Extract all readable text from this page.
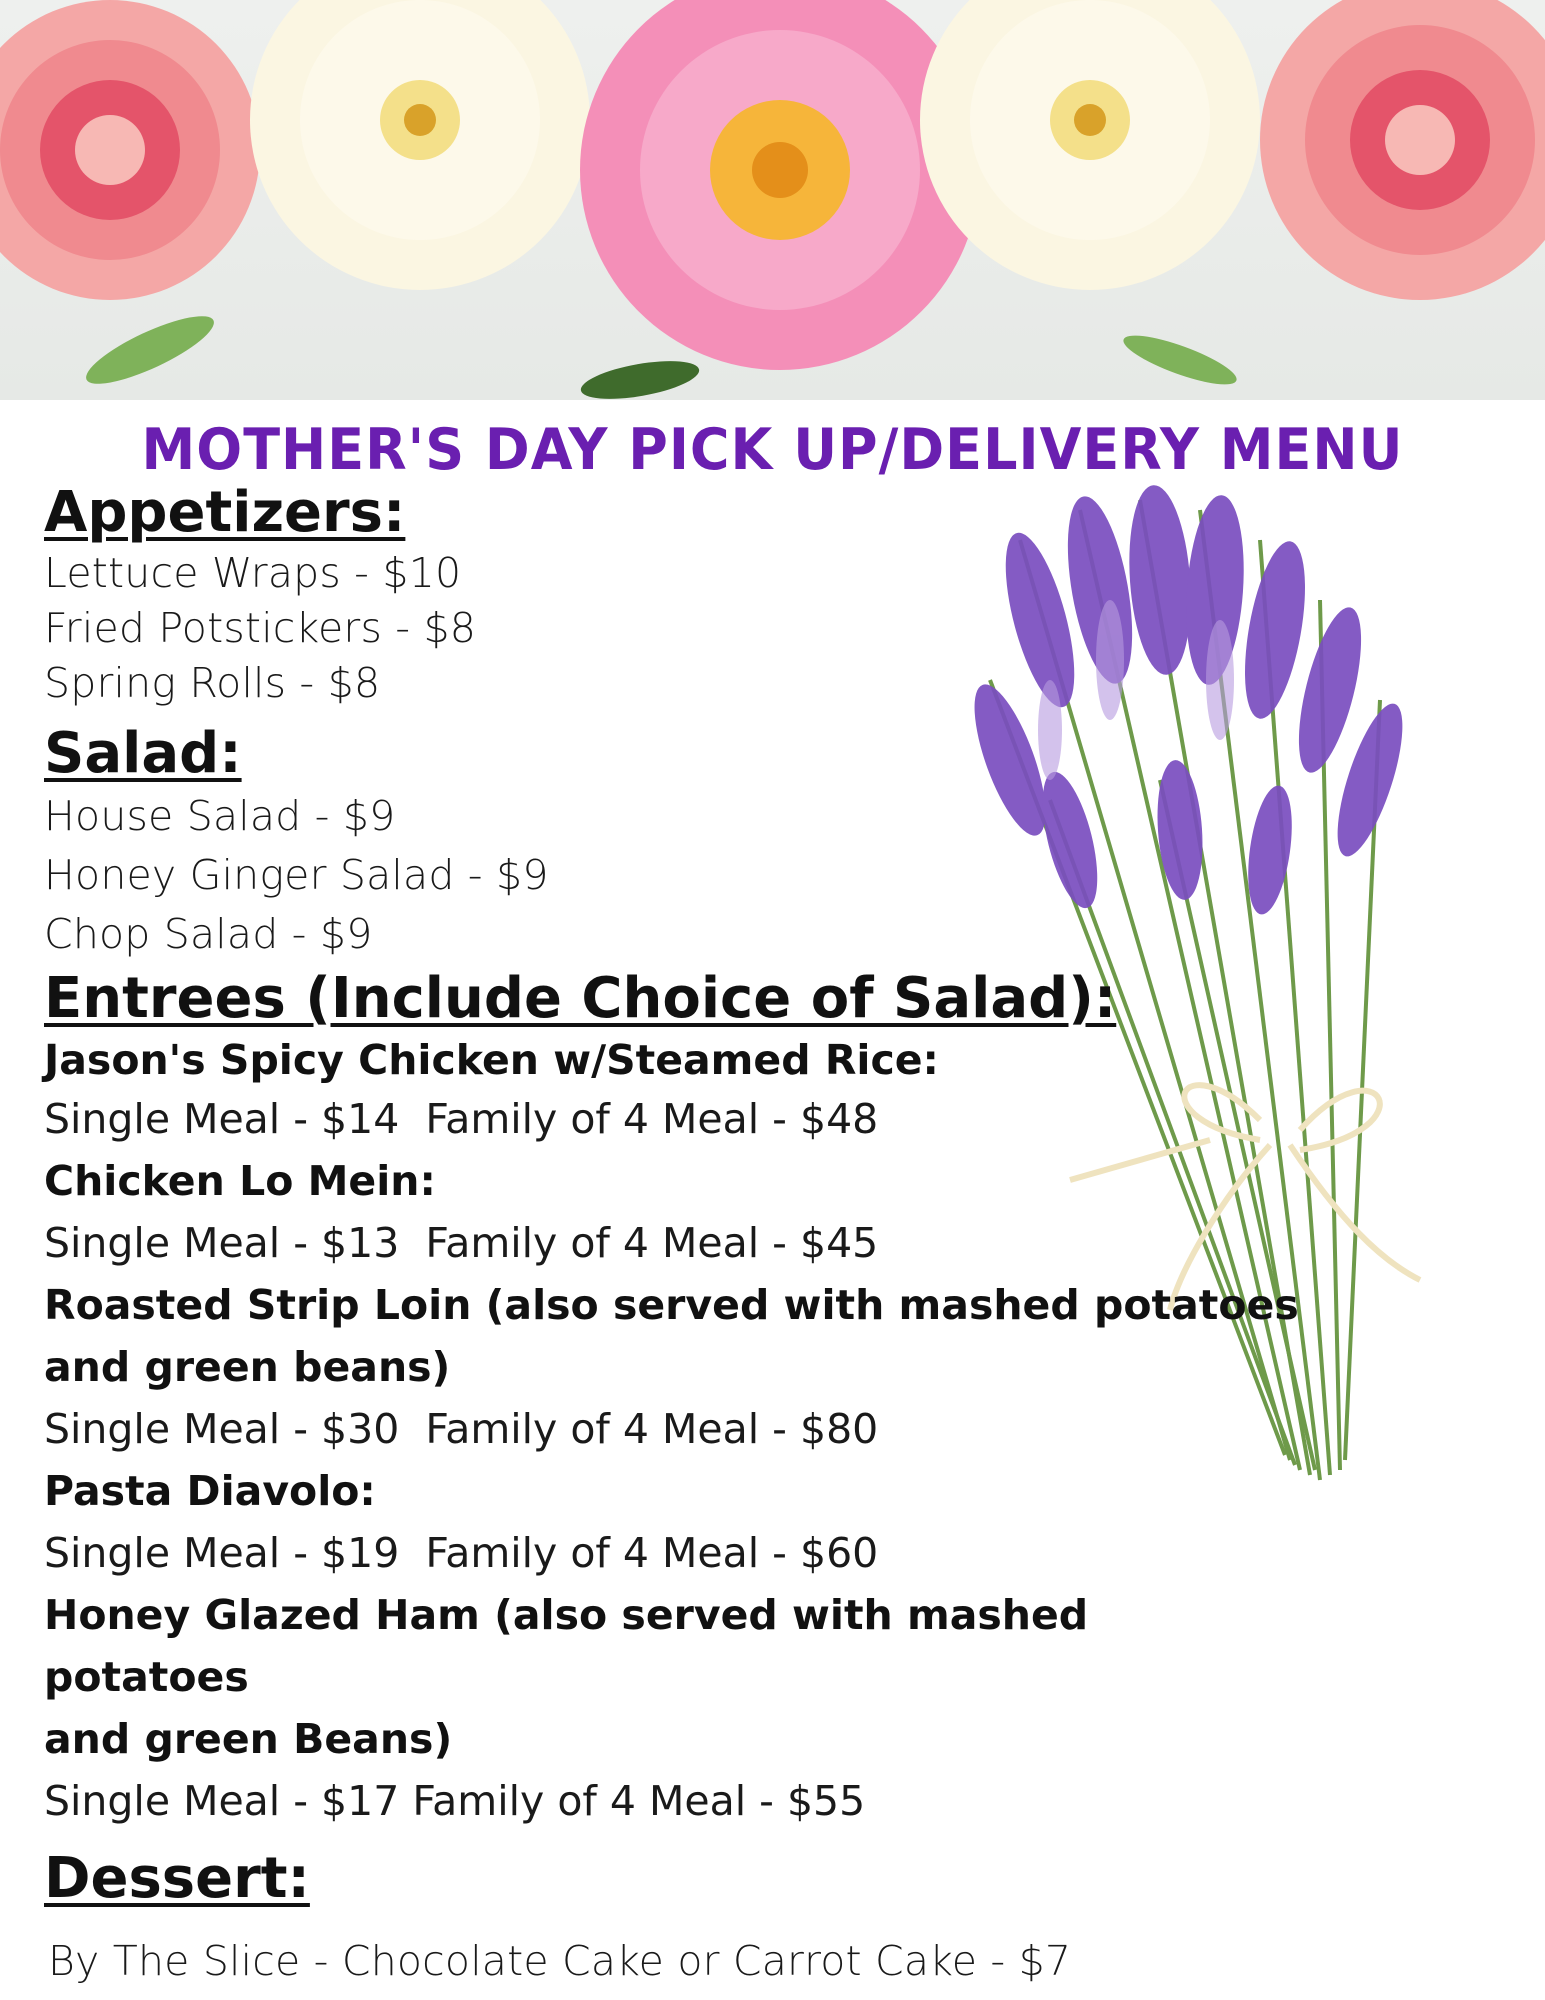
MOTHER'S DAY PICK UP/DELIVERY MENU

Appetizers:

Lettuce Wraps - $10

Fried Potstickers - $8

Spring Rolls - $8

Salad:

House Salad - $9

Honey Ginger Salad - $9

Chop Salad - $9

Entrees (Include Choice of Salad):

Jason's Spicy Chicken w/Steamed Rice:

Single Meal - $14 Family of 4 Meal - $48

Chicken Lo Mein:

Single Meal - $13 Family of 4 Meal - $45

Roasted Strip Loin (also served with mashed potatoes

and green beans)

Single Meal - $30 Family of 4 Meal - $80

Pasta Diavolo:

Single Meal - $19 Family of 4 Meal - $60

Honey Glazed Ham (also served with mashed potatoes

and green Beans)

Single Meal - $17 Family of 4 Meal - $55

Dessert:

By The Slice - Chocolate Cake or Carrot Cake - $7
